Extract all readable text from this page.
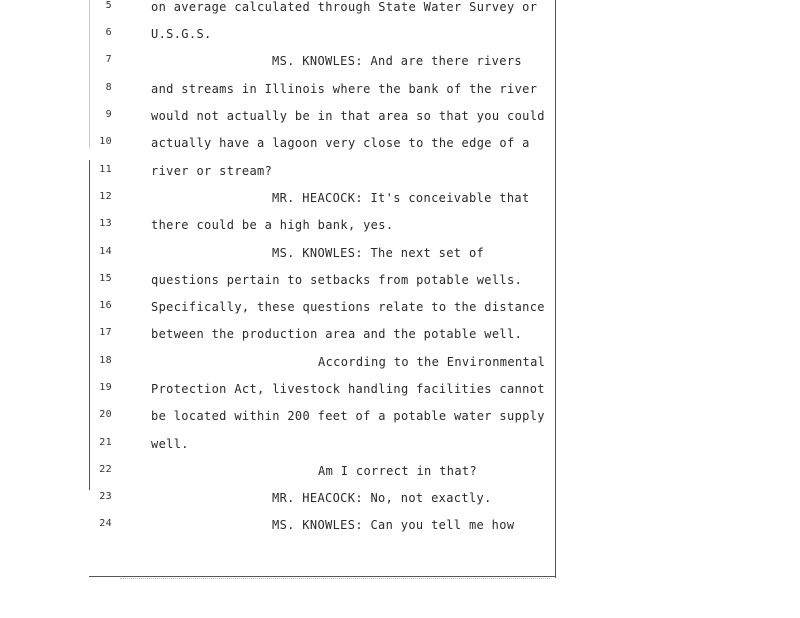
5	on average calculated through State Water Survey or
6	U.S.G.S.
7	MS. KNOWLES: And are there rivers
8	and streams in Illinois where the bank of the river
9	would not actually be in that area so that you could
10	actually have a lagoon very close to the edge of a
11	river or stream?
12	MR. HEACOCK: It's conceivable that
13	there could be a high bank, yes.
14	MS. KNOWLES: The next set of
15	questions pertain to setbacks from potable wells.
16	Specifically, these questions relate to the distance
17	between the production area and the potable well.
18	According to the Environmental
19	Protection Act, livestock handling facilities cannot
20	be located within 200 feet of a potable water supply
21	well.
22	Am I correct in that?
23	MR. HEACOCK: No, not exactly.
24	MS. KNOWLES: Can you tell me how
